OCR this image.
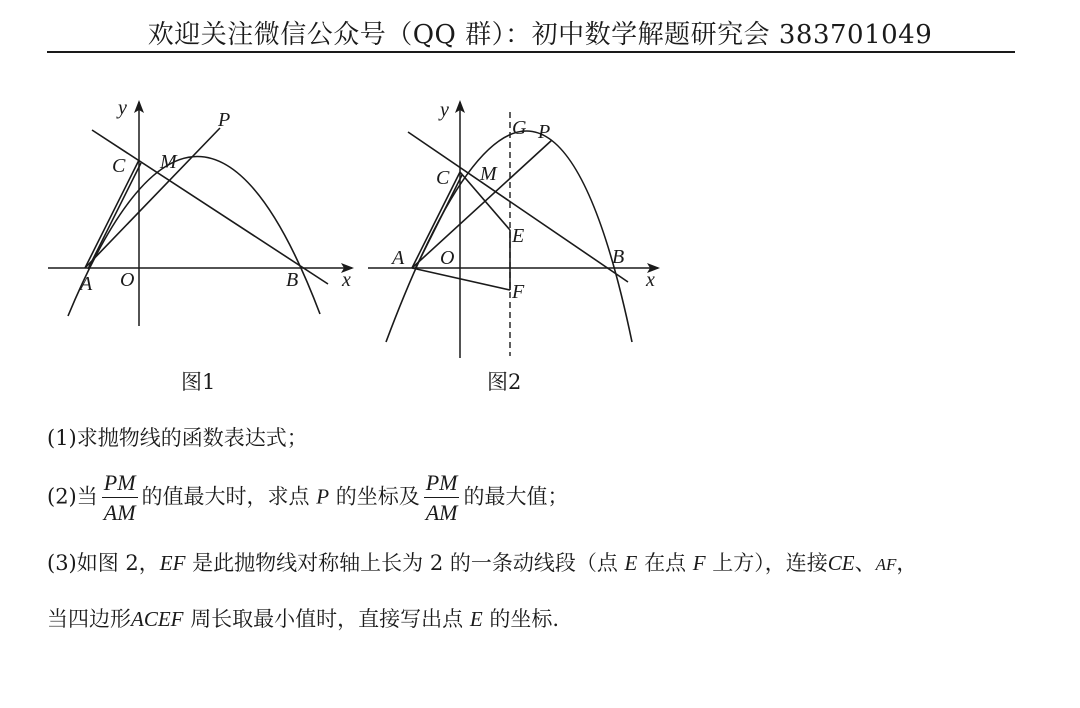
欢迎关注微信公众号（QQ 群）：初中数学解题研究会 383701049
y
x
O
A	B
C M
P	y
x
O
A	B
C M
P
G
E
F
图1	图2
(1)求抛物线的函数表达式；
(2)当 $\frac{PM}{AM}$ 的值最大时，求点 P 的坐标及 $\frac{PM}{AM}$ 的最大值；
(3)如图 2，EF 是此抛物线对称轴上长为 2 的一条动线段（点 E 在点 F 上方），连接CE、AF，
当四边形ACEF 周长取最小值时，直接写出点 E 的坐标.
